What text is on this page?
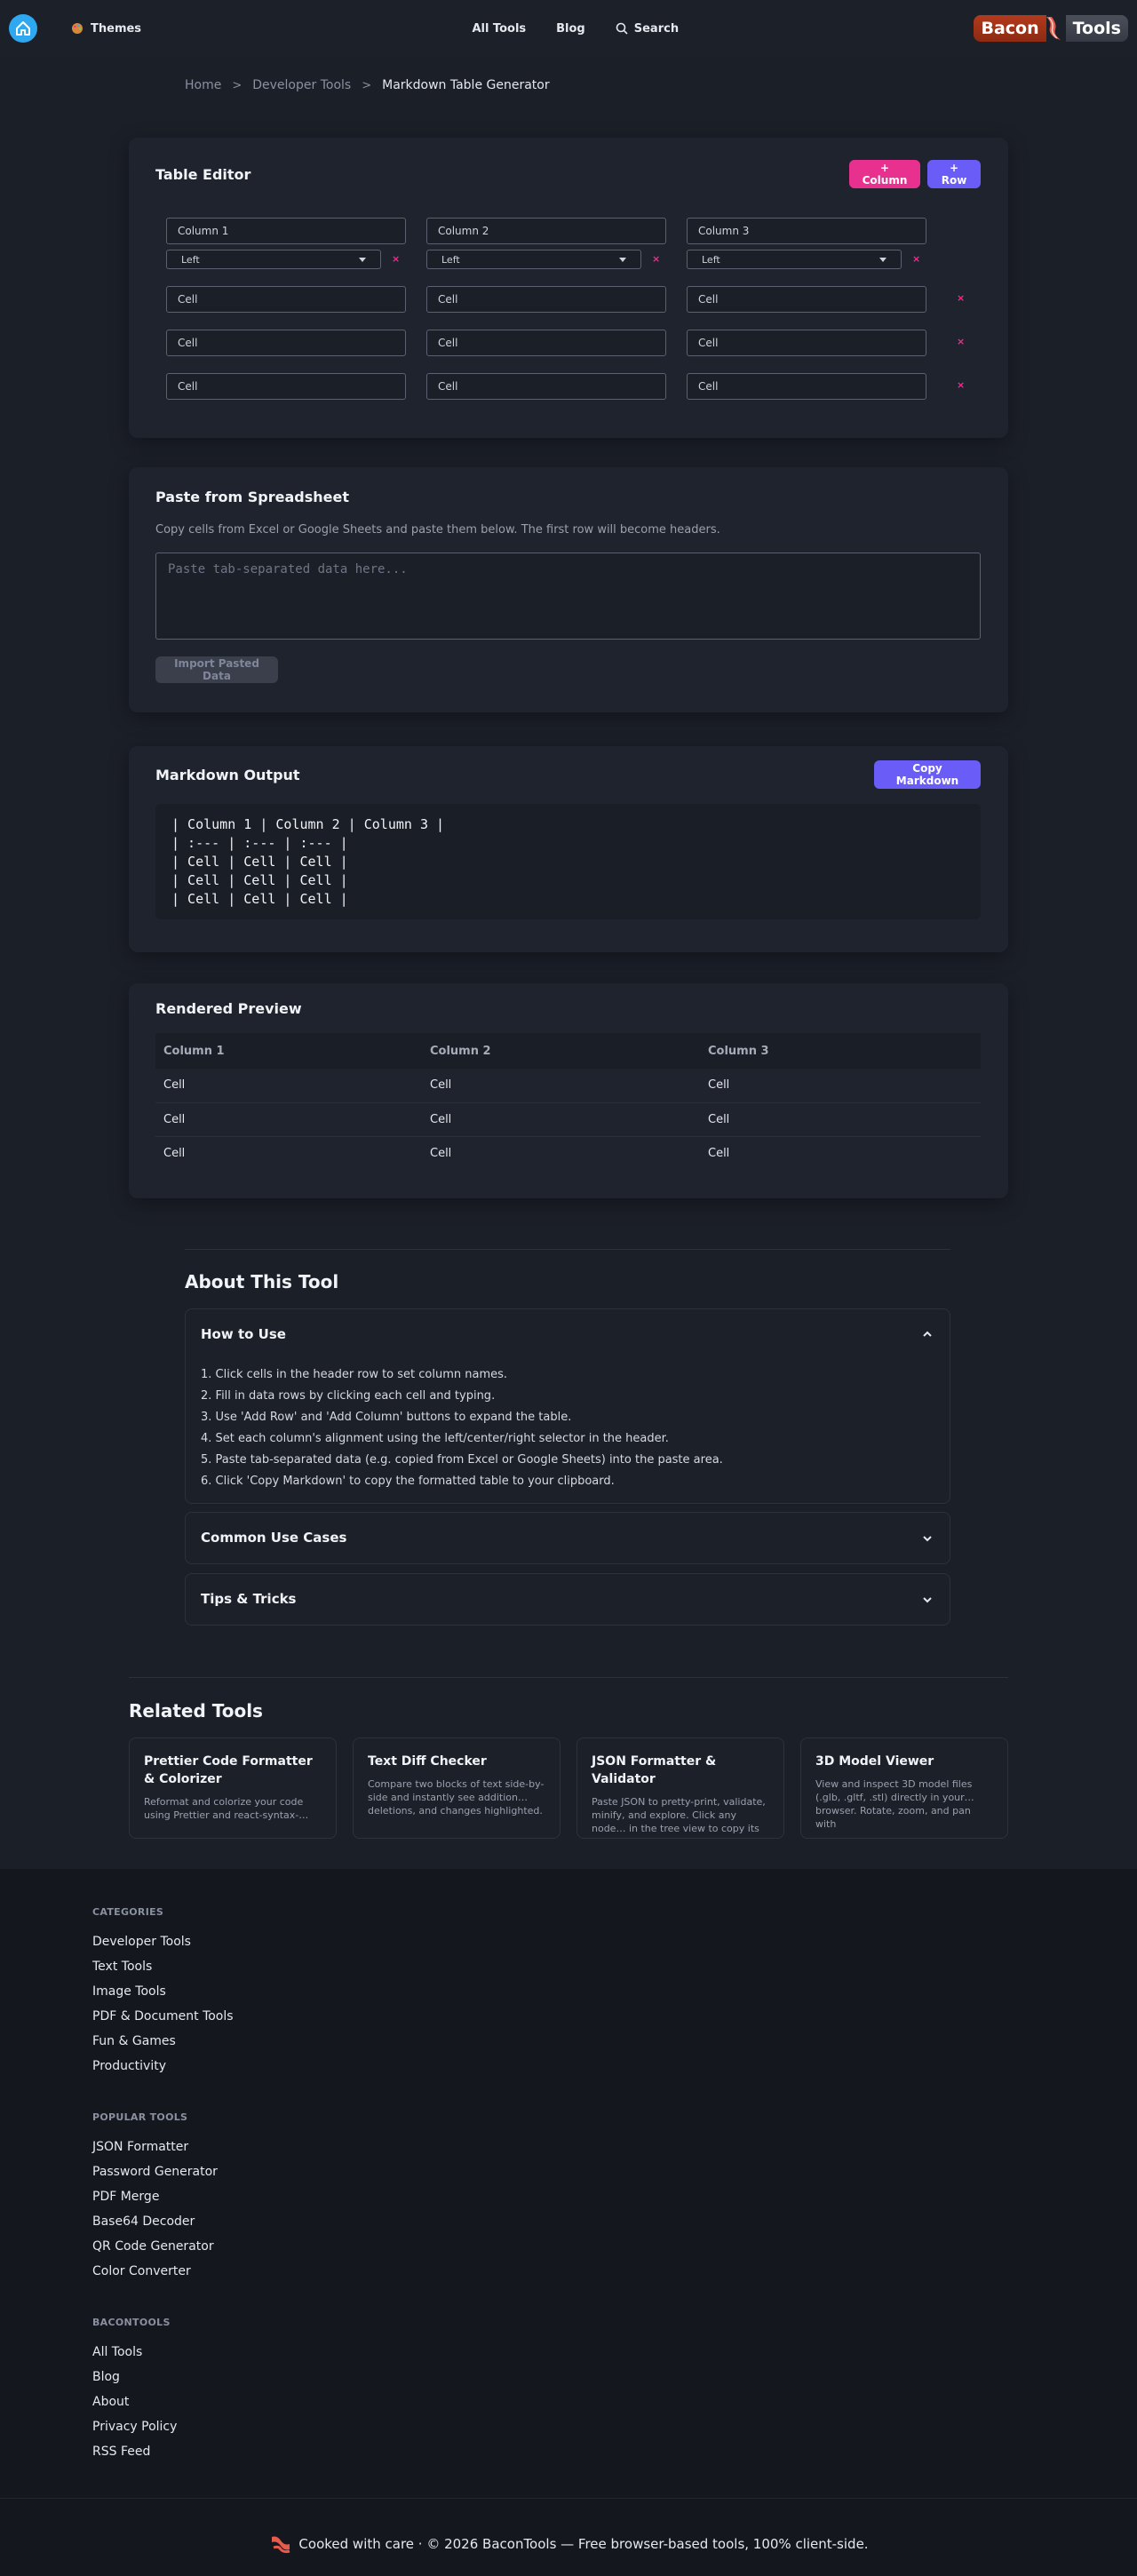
Themes	All Tools	Blog	Search	Bacon	Tools
Home > Developer Tools > Markdown Table Generator
Table Editor	+ Column
+ Row
Column 1	Column 2	Column 3
Left	×	Left	×	Left	×
Cell	Cell	Cell	×
Cell	Cell	Cell	×
Cell	Cell	Cell	×
Paste from Spreadsheet
Copy cells from Excel or Google Sheets and paste them below. The first row will become headers.
Paste tab-separated data here...
Import Pasted Data
Markdown Output	Copy Markdown
| Column 1 | Column 2 | Column 3 |
| :--- | :--- | :--- |
| Cell | Cell | Cell |
| Cell | Cell | Cell |
| Cell | Cell | Cell |
Rendered Preview
Column 1	Column 2	Column 3
Cell	Cell	Cell
Cell	Cell	Cell
Cell	Cell	Cell
About This Tool
How to Use
1. Click cells in the header row to set column names.
2. Fill in data rows by clicking each cell and typing.
3. Use 'Add Row' and 'Add Column' buttons to expand the table.
4. Set each column's alignment using the left/center/right selector in the header.
5. Paste tab-separated data (e.g. copied from Excel or Google Sheets) into the paste area.
6. Click 'Copy Markdown' to copy the formatted table to your clipboard.
Common Use Cases
Tips & Tricks
Related Tools
Prettier Code Formatter & Colorizer
Reformat and colorize your code using Prettier and react-syntax-…
Text Diff Checker
Compare two blocks of text side-by-side and instantly see addition… deletions, and changes highlighted.
JSON Formatter & Validator
Paste JSON to pretty-print, validate, minify, and explore. Click any node… in the tree view to copy its
3D Model Viewer
View and inspect 3D model files (.glb, .gltf, .stl) directly in your… browser. Rotate, zoom, and pan with
CATEGORIES
Developer Tools
Text Tools
Image Tools
PDF & Document Tools
Fun & Games
Productivity
POPULAR TOOLS
JSON Formatter
Password Generator
PDF Merge
Base64 Decoder
QR Code Generator
Color Converter
BACONTOOLS
All Tools
Blog
About
Privacy Policy
RSS Feed
Cooked with care · © 2026 BaconTools — Free browser-based tools, 100% client-side.
